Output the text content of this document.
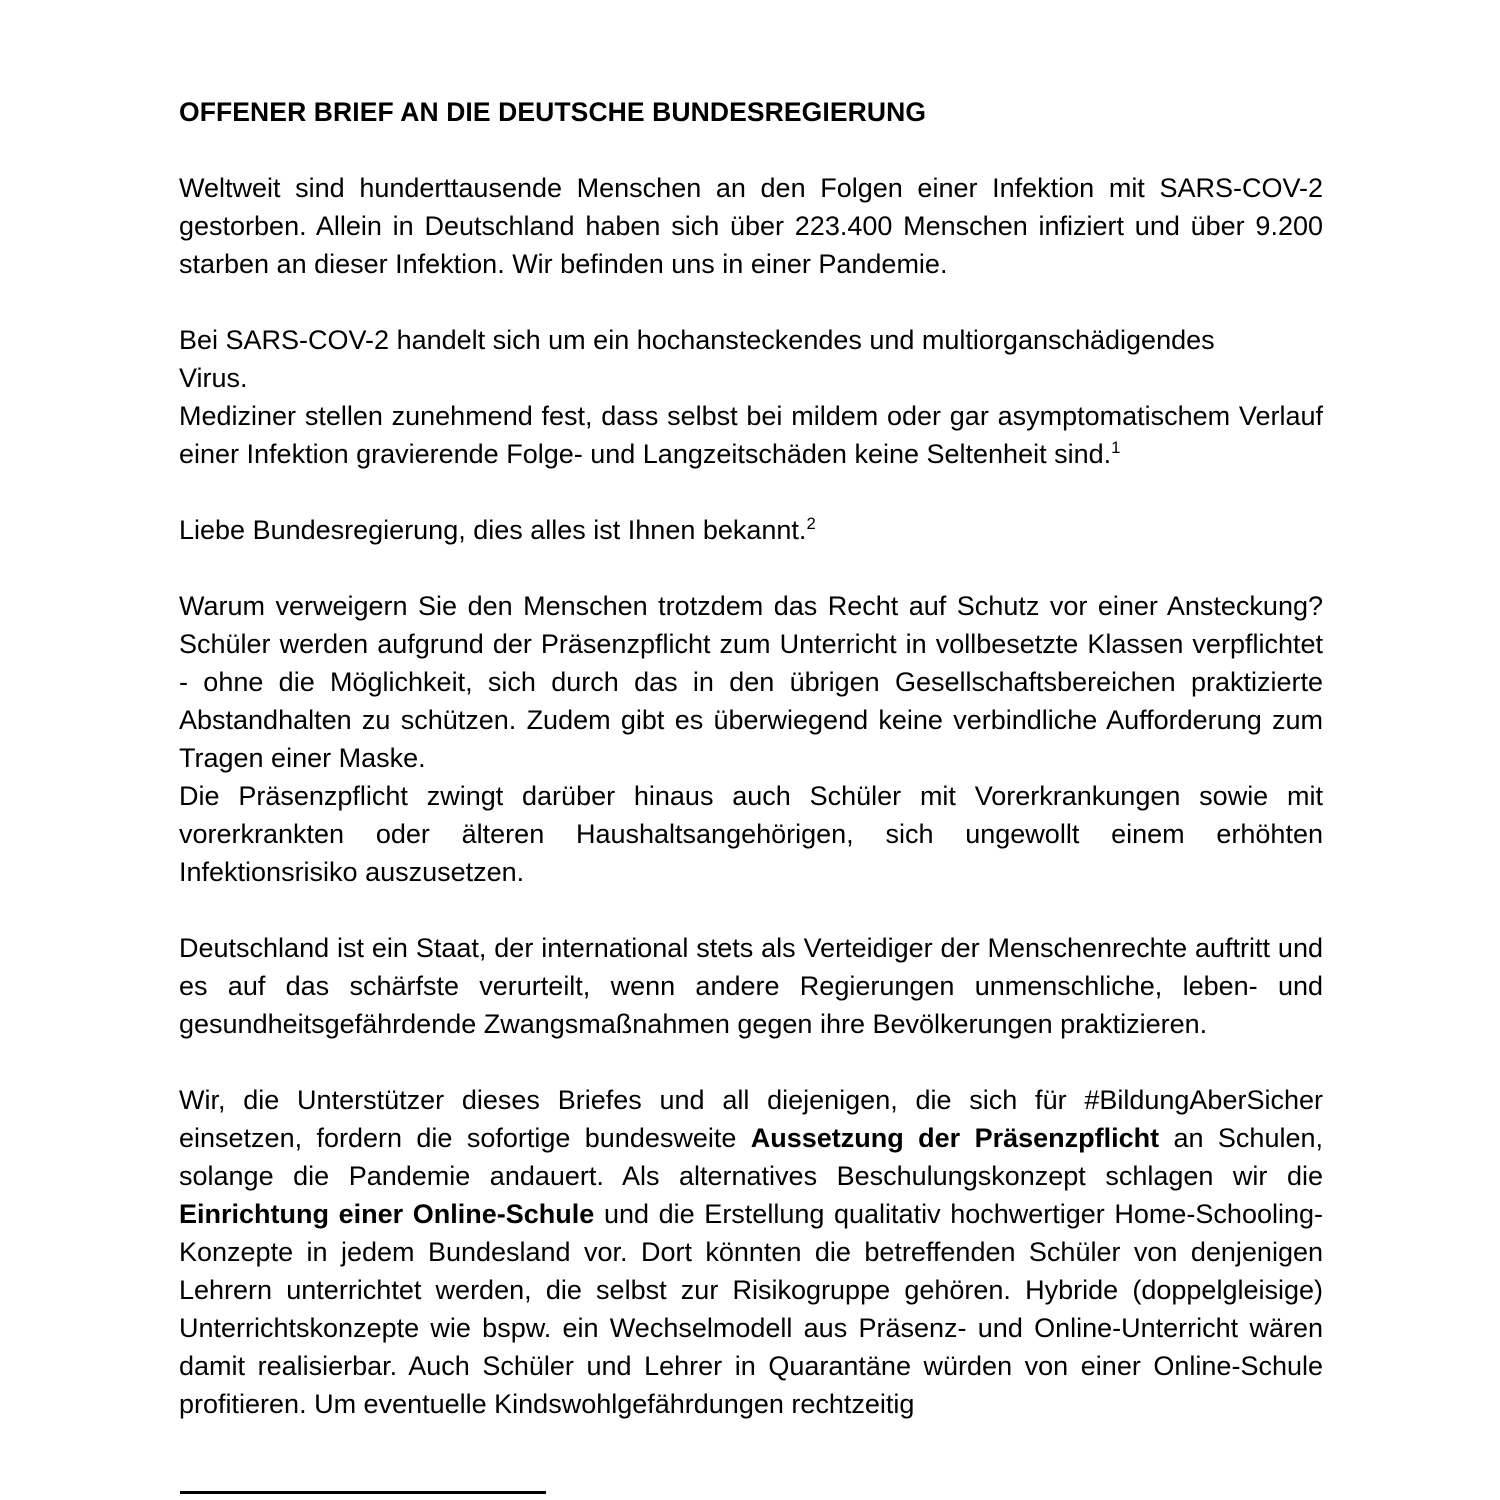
OFFENER BRIEF AN DIE DEUTSCHE BUNDESREGIERUNG

Weltweit sind hunderttausende Menschen an den Folgen einer Infektion mit SARS-COV-2 gestorben. Allein in Deutschland haben sich über 223.400 Menschen infiziert und über 9.200 starben an dieser Infektion. Wir befinden uns in einer Pandemie.

Bei SARS-COV-2 handelt sich um ein hochansteckendes und multiorganschädigendes
Virus.

Mediziner stellen zunehmend fest, dass selbst bei mildem oder gar asymptomatischem Verlauf einer Infektion gravierende Folge- und Langzeitschäden keine Seltenheit sind.$^1$

Liebe Bundesregierung, dies alles ist Ihnen bekannt.$^2$

Warum verweigern Sie den Menschen trotzdem das Recht auf Schutz vor einer Ansteckung? Schüler werden aufgrund der Präsenzpflicht zum Unterricht in vollbesetzte Klassen verpflichtet - ohne die Möglichkeit, sich durch das in den übrigen Gesellschaftsbereichen praktizierte Abstandhalten zu schützen. Zudem gibt es überwiegend keine verbindliche Aufforderung zum Tragen einer Maske.

Die Präsenzpflicht zwingt darüber hinaus auch Schüler mit Vorerkrankungen sowie mit vorerkrankten oder älteren Haushaltsangehörigen, sich ungewollt einem erhöhten Infektionsrisiko auszusetzen.

Deutschland ist ein Staat, der international stets als Verteidiger der Menschenrechte auftritt und es auf das schärfste verurteilt, wenn andere Regierungen unmenschliche, leben- und gesundheitsgefährdende Zwangsmaßnahmen gegen ihre Bevölkerungen praktizieren.

Wir, die Unterstützer dieses Briefes und all diejenigen, die sich für #BildungAberSicher einsetzen, fordern die sofortige bundesweite Aussetzung der Präsenzpflicht an Schulen, solange die Pandemie andauert. Als alternatives Beschulungskonzept schlagen wir die Einrichtung einer Online-Schule und die Erstellung qualitativ hochwertiger Home-Schooling-Konzepte in jedem Bundesland vor. Dort könnten die betreffenden Schüler von denjenigen Lehrern unterrichtet werden, die selbst zur Risikogruppe gehören. Hybride (doppelgleisige) Unterrichtskonzepte wie bspw. ein Wechselmodell aus Präsenz- und Online-Unterricht wären damit realisierbar. Auch Schüler und Lehrer in Quarantäne würden von einer Online-Schule profitieren. Um eventuelle Kindswohlgefährdungen rechtzeitig
